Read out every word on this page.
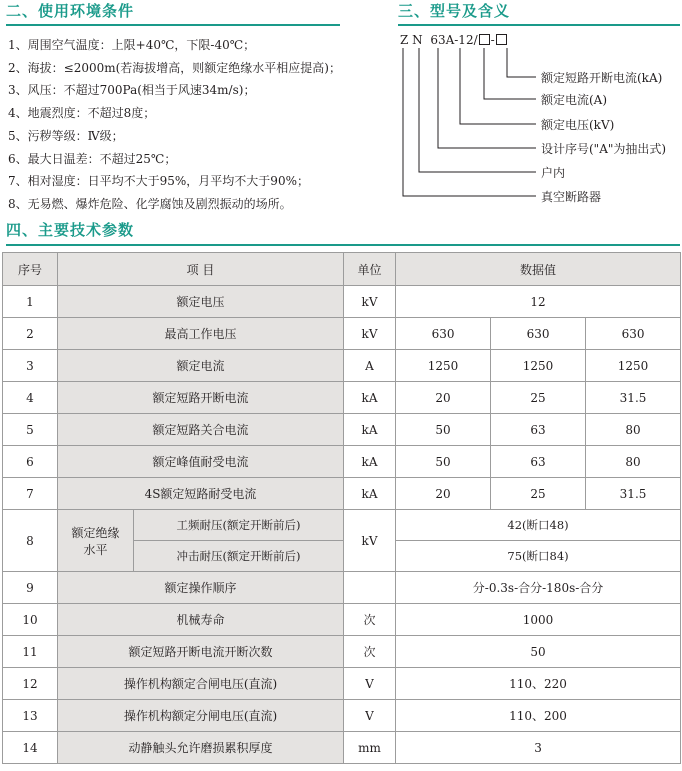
二、使用环境条件
1、周围空气温度：上限+40℃，下限-40℃；
2、海拔：≤2000m(若海拔增高，则额定绝缘水平相应提高)；
3、风压：不超过700Pa(相当于风速34m/s)；
4、地震烈度：不超过8度；
5、污秽等级：Ⅳ级；
6、最大日温差：不超过25℃；
7、相对湿度：日平均不大于95%，月平均不大于90%；
8、无易燃、爆炸危险、化学腐蚀及剧烈振动的场所。
三、型号及含义
Z N 63A-12/ -
额定短路开断电流(kA)
额定电流(A)
额定电压(kV)
设计序号("A"为抽出式)
户内
真空断路器
四、主要技术参数
序号	项 目		单位	数据值		
1	额定电压		kV	12		
2	最高工作电压		kV	630	630	630
3	额定电流		A	1250	1250	1250
4	额定短路开断电流		kA	20	25	31.5
5	额定短路关合电流		kA	50	63	80
6	额定峰值耐受电流		kA	50	63	80
7	4S额定短路耐受电流		kA	20	25	31.5
8	额定绝缘水平	工频耐压(额定开断前后)	kV	42(断口48)		
		冲击耐压(额定开断前后)		75(断口84)		
9	额定操作顺序			分-0.3s-合分-180s-合分		
10	机械寿命		次	1000		
11	额定短路开断电流开断次数		次	50		
12	操作机构额定合闸电压(直流)		V	110、220		
13	操作机构额定分闸电压(直流)		V	110、200		
14	动静触头允许磨损累积厚度		mm	3		
